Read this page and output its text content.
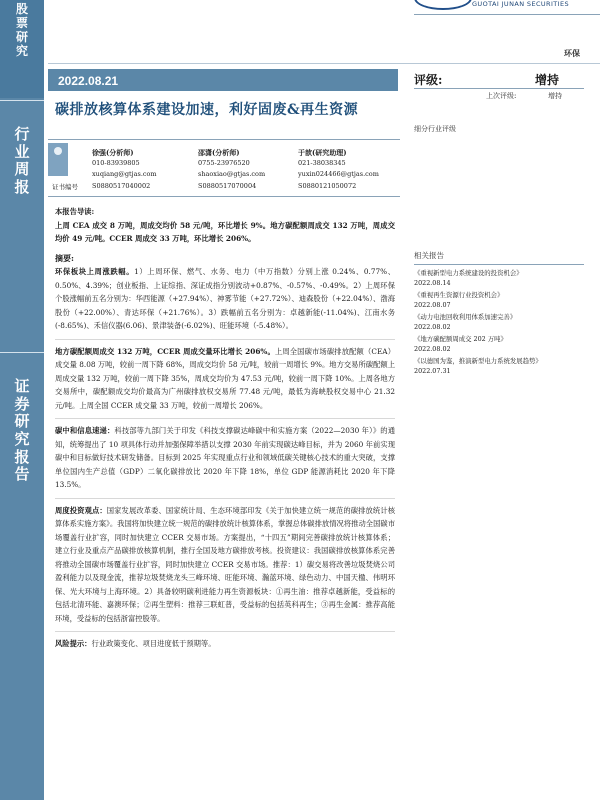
股票研究
行业周报
证券研究报告
GUOTAI JUNAN SECURITIES
环保
2022.08.21
碳排放核算体系建设加速，利好固废&再生资源
评级:	增持
上次评级:	增持
细分行业评级
徐强(分析师)
010-83939805
xuqiang@gtjas.com
邵潇(分析师)
0755-23976520
shaoxiao@gtjas.com
于歆(研究助理)
021-38038345
yuxin024466@gtjas.com
证书编号 S0880517040002	S0880517070004	S0880121050072

本报告导读:
上周 CEA 成交 8 万吨，周成交均价 58 元/吨，环比增长 9%。地方碳配额周成交 132 万吨，周成交均价 49 元/吨。CCER 周成交 33 万吨，环比增长 206%。

摘要:

环保板块上周涨跌幅。1）上周环保、燃气、水务、电力（中万指数）分别上涨 0.24%、0.77%、0.50%、4.39%；创业板指、上证综指、深证成指分别波动+0.87%、-0.57%、-0.49%。2）上周环保个股涨幅前五名分别为：华西能源（+27.94%）、神雾节能（+27.72%）、迪森股份（+22.04%）、渤海股份（+22.00%）、青达环保（+21.76%）。3）跌幅前五名分别为：卓越新能(-11.04%)、江南水务(-8.65%)、禾信仪器(6.06)、景津装备(-6.02%)、旺能环境（-5.48%）。

地方碳配额周成交 132 万吨，CCER 周成交量环比增长 206%。上周全国碳市场碳排放配额（CEA）成交量 8.08 万吨，较前一周下降 68%，周成交均价 58 元/吨，较前一周增长 9%。地方交易所碳配额上周成交量 132 万吨，较前一周下降 35%，周成交均价为 47.53 元/吨，较前一周下降 10%。上周各地方交易所中，碳配额成交均价最高为广州碳排放权交易所 77.48 元/吨，最低为海峡股权交易中心 21.32 元/吨。上周全国 CCER 成交量 33 万吨，较前一周增长 206%。

碳中和信息速递：科技部等九部门关于印发《科技支撑碳达峰碳中和实施方案（2022—2030 年）》的通知，统筹提出了 10 项具体行动并加强保障举措以支撑 2030 年前实现碳达峰目标，并为 2060 年前实现碳中和目标做好技术研发储备。目标到 2025 年实现重点行业和领域低碳关键核心技术的重大突破，支撑单位国内生产总值（GDP）二氧化碳排放比 2020 年下降 18%，单位 GDP 能源消耗比 2020 年下降 13.5%。

周度投资观点：国家发展改革委、国家统计局、生态环境部印发《关于加快建立统一规范的碳排放统计核算体系实施方案》。我国将加快建立统一规范的碳排放统计核算体系，掌握总体碳排放情况将推动全国碳市场覆盖行业扩容，同时加快建立 CCER 交易市场。方案提出，“十四五”期间完善碳排放统计核算体系；建立行业及重点产品碳排放核算机制，推行全国及地方碳排放考核。投资建议：我国碳排放核算体系完善将推动全国碳市场覆盖行业扩容，同时加快建立 CCER 交易市场。推荐：1）碳交易将改善垃圾焚烧公司盈利能力以及现金流，推荐垃圾焚烧龙头三峰环境、旺能环境、瀚蓝环境、绿色动力、中国天楹、伟明环保、光大环境与上海环境。2）具备较明碳利进能力再生资源板块：①再生油：推荐卓越新能，受益标的包括北清环能、嘉澳环保；②再生塑料：推荐三联虹普，受益标的包括英科再生；③再生金属：推荐高能环境，受益标的包括浙富控股等。

风险提示：行业政策变化、项目进度低于预期等。

相关报告
《重视新型电力系统建设的投资机会》
2022.08.14
《重视再生资源行业投资机会》
2022.08.07
《动力电池回收利用体系加速完善》
2022.08.02
《地方碳配额周成交 202 万吨》
2022.08.02
《以德国为鉴，推演新型电力系统发展趋势》
2022.07.31
